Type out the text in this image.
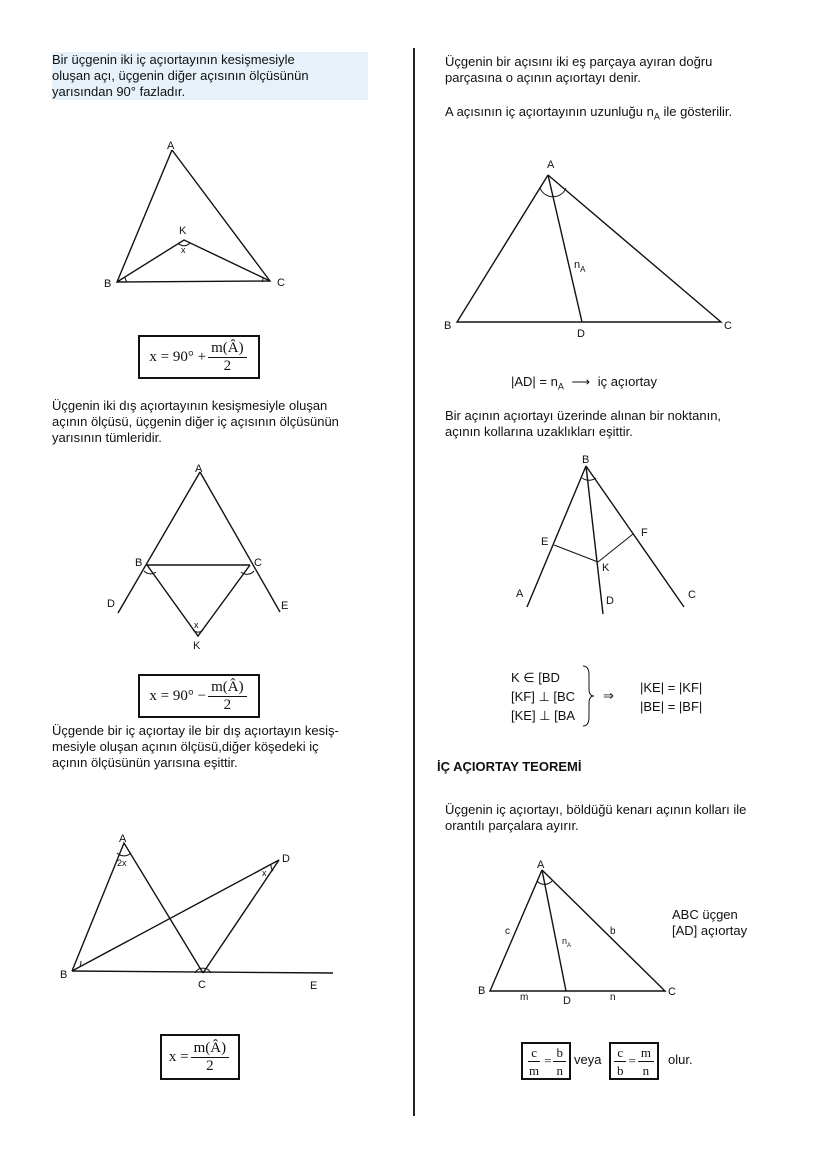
Bir üçgenin iki iç açıortayının kesişmesiyle
oluşan açı, üçgenin diğer açısının ölçüsünün
yarısından 90° fazladır.
A
B	C
K
x
$x = 90^\circ + \frac{m(Â)}{2}$
Üçgenin iki dış açıortayının kesişmesiyle oluşan
açının ölçüsü, üçgenin diğer iç açısının ölçüsünün
yarısının tümleridir.
A
B	C
D	E
K
x
$x = 90^\circ - \frac{m(Â)}{2}$
Üçgende bir iç açıortay ile bir dış açıortayın kesiş-
mesiyle oluşan açının ölçüsü,diğer köşedeki iç
açının ölçüsünün yarısına eşittir.
A
2x
B
C
D
E
x
$x = \frac{m(Â)}{2}$
Üçgenin bir açısını iki eş parçaya ayıran doğru
parçasına o açının açıortayı denir.
A açısının iç açıortayının uzunluğu $n_A$ ile gösterilir.
A
B	C
D
$n_A$
$|AD| = n_A$ ⟶ iç açıortay
Bir açının açıortayı üzerinde alınan bir noktanın,
açının kollarına uzaklıkları eşittir.
B
E
F
K
A
D	C
K ∈ [BD
[KF] ⊥ [BC
[KE] ⊥ [BA
⇒
|KE| = |KF|
|BE| = |BF|
İÇ AÇIORTAY TEOREMİ
Üçgenin iç açıortayı, böldüğü kenarı açının kolları ile
orantılı parçalara ayırır.
A
B	C
D
c	b
m	n
$n_A$
ABC üçgen
[AD] açıortay
$\frac{c}{m} = \frac{b}{n}$ veya $\frac{c}{b} = \frac{m}{n}$ olur.
